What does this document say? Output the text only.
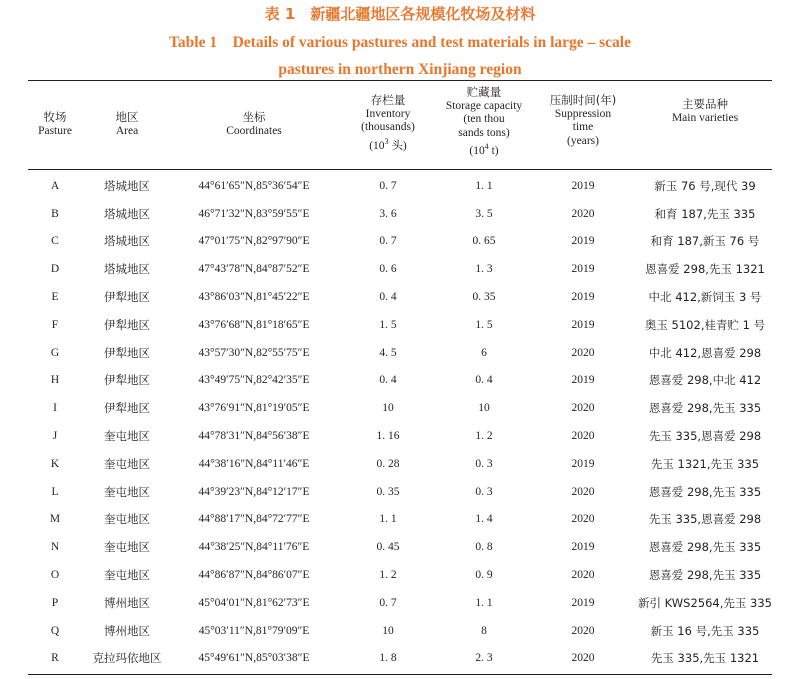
表 1　新疆北疆地区各规模化牧场及材料
Table 1　Details of various pastures and test materials in large – scale
pastures in northern Xinjiang region
牧场
Pasture

地区
Area

坐标
Coordinates

存栏量
Inventory
(thousands)
($10^3$ 头)

贮藏量
Storage capacity
(ten thou
sands tons)
($10^4$ t)

压制时间(年)
Suppression
time
(years)

主要品种
Main varieties
A	塔城地区	44°61′65″N,85°36′54″E	0. 7	1. 1	2019	新玉 76 号,现代 39
B	塔城地区	46°71′32″N,83°59′55″E	3. 6	3. 5	2020	和育 187,先玉 335
C	塔城地区	47°01′75″N,82°97′90″E	0. 7	0. 65	2019	和育 187,新玉 76 号
D	塔城地区	47°43′78″N,84°87′52″E	0. 6	1. 3	2019	恩喜爱 298,先玉 1321
E	伊犁地区	43°86′03″N,81°45′22″E	0. 4	0. 35	2019	中北 412,新饲玉 3 号
F	伊犁地区	43°76′68″N,81°18′65″E	1. 5	1. 5	2019	奥玉 5102,桂青贮 1 号
G	伊犁地区	43°57′30″N,82°55′75″E	4. 5	6	2020	中北 412,恩喜爱 298
H	伊犁地区	43°49′75″N,82°42′35″E	0. 4	0. 4	2019	恩喜爱 298,中北 412
I	伊犁地区	43°76′91″N,81°19′05″E	10	10	2020	恩喜爱 298,先玉 335
J	奎屯地区	44°78′31″N,84°56′38″E	1. 16	1. 2	2020	先玉 335,恩喜爱 298
K	奎屯地区	44°38′16″N,84°11′46″E	0. 28	0. 3	2019	先玉 1321,先玉 335
L	奎屯地区	44°39′23″N,84°12′17″E	0. 35	0. 3	2020	恩喜爱 298,先玉 335
M	奎屯地区	44°88′17″N,84°72′77″E	1. 1	1. 4	2020	先玉 335,恩喜爱 298
N	奎屯地区	44°38′25″N,84°11′76″E	0. 45	0. 8	2019	恩喜爱 298,先玉 335
O	奎屯地区	44°86′87″N,84°86′07″E	1. 2	0. 9	2020	恩喜爱 298,先玉 335
P	博州地区	45°04′01″N,81°62′73″E	0. 7	1. 1	2019	新引 KWS2564,先玉 335
Q	博州地区	45°03′11″N,81°79′09″E	10	8	2020	新玉 16 号,先玉 335
R	克拉玛依地区	45°49′61″N,85°03′38″E	1. 8	2. 3	2020	先玉 335,先玉 1321
